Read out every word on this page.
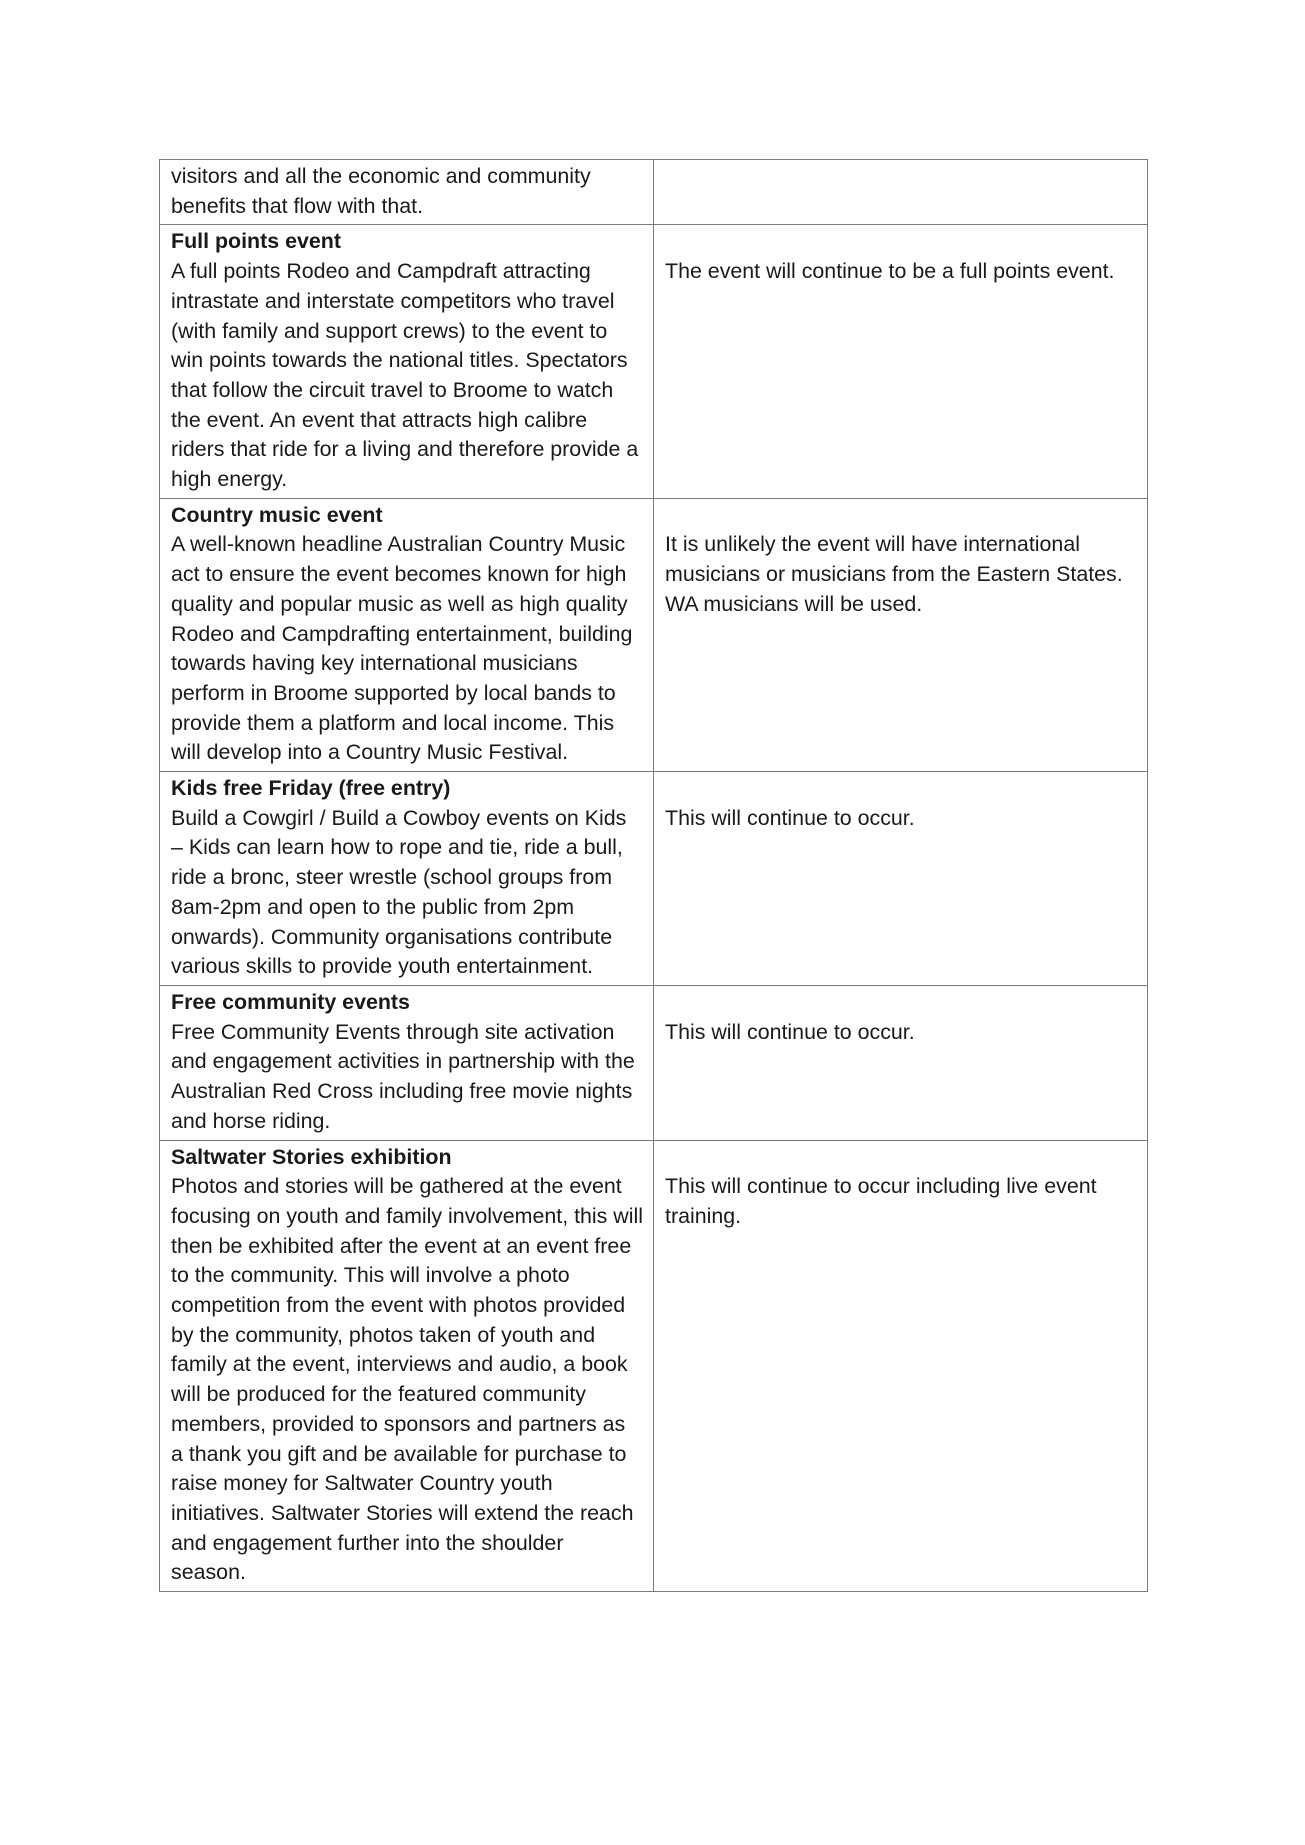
visitors and all the economic and community benefits that flow with that.	

Full points event
A full points Rodeo and Campdraft attracting intrastate and interstate competitors who travel (with family and support crews) to the event to win points towards the national titles. Spectators that follow the circuit travel to Broome to watch the event. An event that attracts high calibre riders that ride for a living and therefore provide a high energy.	The event will continue to be a full points event.

Country music event
A well-known headline Australian Country Music act to ensure the event becomes known for high quality and popular music as well as high quality Rodeo and Campdrafting entertainment, building towards having key international musicians perform in Broome supported by local bands to provide them a platform and local income. This will develop into a Country Music Festival.	It is unlikely the event will have international musicians or musicians from the Eastern States. WA musicians will be used.

Kids free Friday (free entry)
Build a Cowgirl / Build a Cowboy events on Kids – Kids can learn how to rope and tie, ride a bull, ride a bronc, steer wrestle (school groups from 8am-2pm and open to the public from 2pm onwards). Community organisations contribute various skills to provide youth entertainment.	This will continue to occur.

Free community events
Free Community Events through site activation and engagement activities in partnership with the Australian Red Cross including free movie nights and horse riding.	This will continue to occur.

Saltwater Stories exhibition
Photos and stories will be gathered at the event focusing on youth and family involvement, this will then be exhibited after the event at an event free to the community. This will involve a photo competition from the event with photos provided by the community, photos taken of youth and family at the event, interviews and audio, a book will be produced for the featured community members, provided to sponsors and partners as a thank you gift and be available for purchase to raise money for Saltwater Country youth initiatives. Saltwater Stories will extend the reach and engagement further into the shoulder season.	This will continue to occur including live event training.
